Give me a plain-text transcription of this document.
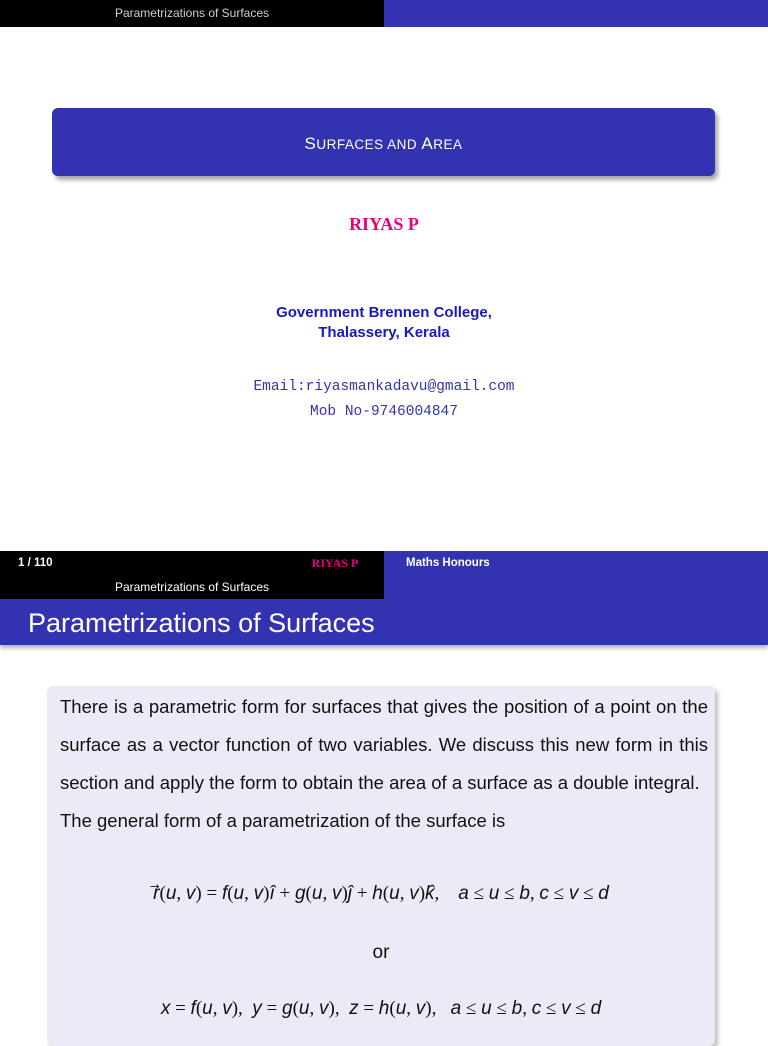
Parametrizations of Surfaces
SURFACES AND AREA
RIYAS P
Government Brennen College,
Thalassery, Kerala
Email:riyasmankadavu@gmail.com
Mob No-9746004847
1 / 110	RIYAS P	Maths Honours
Parametrizations of Surfaces
Parametrizations of Surfaces

There is a parametric form for surfaces that gives the position of a point on the surface as a vector function of two variables. We discuss this new form in this section and apply the form to obtain the area of a surface as a double integral.

The general form of a parametrization of the surface is

r⃗(u, v) = f(u, v)î + g(u, v)ĵ + h(u, v)k̂,    a ≤ u ≤ b, c ≤ v ≤ d
or
x = f(u, v),  y = g(u, v),  z = h(u, v),   a ≤ u ≤ b, c ≤ v ≤ d
